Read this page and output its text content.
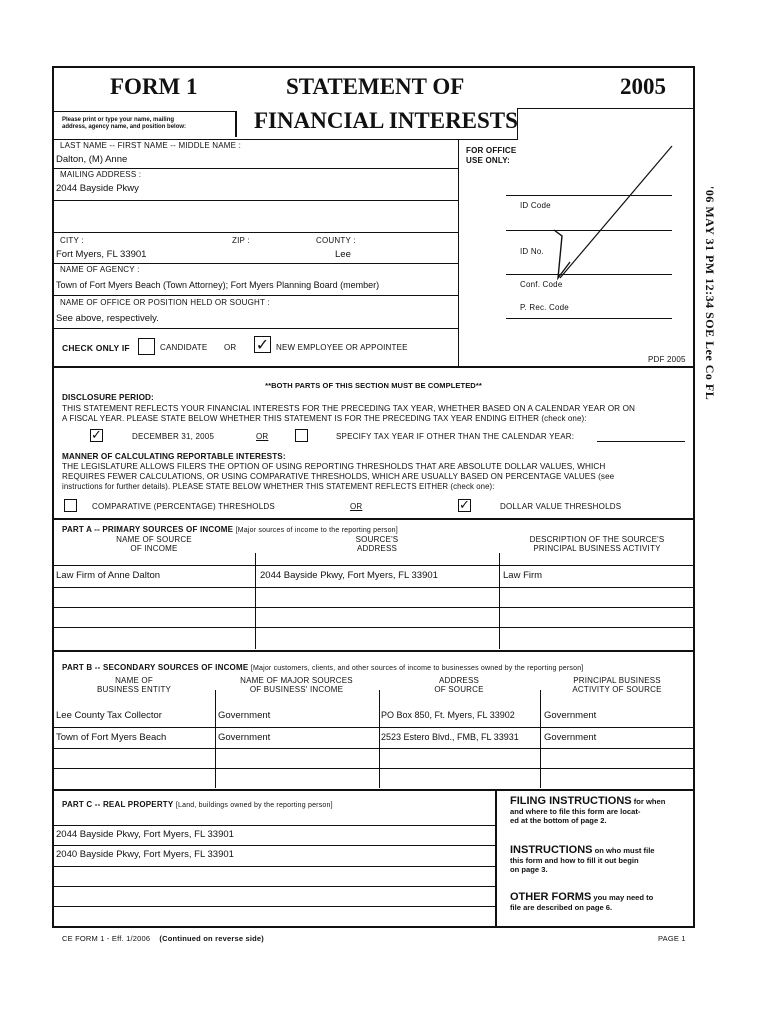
FORM 1	STATEMENT OF	2005
FINANCIAL INTERESTS
Please print or type your name, mailing
address, agency name, and position below:
LAST NAME -- FIRST NAME -- MIDDLE NAME :
Dalton, (M) Anne
MAILING ADDRESS :
2044 Bayside Pkwy
CITY :	ZIP :	COUNTY :
Fort Myers, FL 33901	Lee
NAME OF AGENCY :
Town of Fort Myers Beach (Town Attorney); Fort Myers Planning Board (member)
NAME OF OFFICE OR POSITION HELD OR SOUGHT :
See above, respectively.
CHECK ONLY IF	CANDIDATE OR ✓ NEW EMPLOYEE OR APPOINTEE
FOR OFFICE
USE ONLY:
ID Code
ID No.
Conf. Code
P. Rec. Code
PDF 2005 '06 MAY 31 PM 12:34 SOE Lee Co FL
**BOTH PARTS OF THIS SECTION MUST BE COMPLETED**
DISCLOSURE PERIOD:
THIS STATEMENT REFLECTS YOUR FINANCIAL INTERESTS FOR THE PRECEDING TAX YEAR, WHETHER BASED ON A CALENDAR YEAR OR ON
A FISCAL YEAR. PLEASE STATE BELOW WHETHER THIS STATEMENT IS FOR THE PRECEDING TAX YEAR ENDING EITHER (check one):
✓	DECEMBER 31, 2005	OR	SPECIFY TAX YEAR IF OTHER THAN THE CALENDAR YEAR:
MANNER OF CALCULATING REPORTABLE INTERESTS:
THE LEGISLATURE ALLOWS FILERS THE OPTION OF USING REPORTING THRESHOLDS THAT ARE ABSOLUTE DOLLAR VALUES, WHICH
REQUIRES FEWER CALCULATIONS, OR USING COMPARATIVE THRESHOLDS, WHICH ARE USUALLY BASED ON PERCENTAGE VALUES (see
instructions for further details). PLEASE STATE BELOW WHETHER THIS STATEMENT REFLECTS EITHER (check one):
COMPARATIVE (PERCENTAGE) THRESHOLDS	OR	✓	DOLLAR VALUE THRESHOLDS
PART A -- PRIMARY SOURCES OF INCOME [Major sources of income to the reporting person]
NAME OF SOURCE
OF INCOME
SOURCE'S
ADDRESS
DESCRIPTION OF THE SOURCE'S
PRINCIPAL BUSINESS ACTIVITY
Law Firm of Anne Dalton	2044 Bayside Pkwy, Fort Myers, FL 33901	Law Firm
PART B -- SECONDARY SOURCES OF INCOME [Major customers, clients, and other sources of income to businesses owned by the reporting person]
NAME OF
BUSINESS ENTITY
NAME OF MAJOR SOURCES
OF BUSINESS' INCOME
ADDRESS
OF SOURCE
PRINCIPAL BUSINESS
ACTIVITY OF SOURCE
Lee County Tax Collector	Government	PO Box 850, Ft. Myers, FL 33902	Government
Town of Fort Myers Beach	Government	2523 Estero Blvd., FMB, FL 33931	Government
PART C -- REAL PROPERTY [Land, buildings owned by the reporting person]
2044 Bayside Pkwy, Fort Myers, FL 33901
2040 Bayside Pkwy, Fort Myers, FL 33901
FILING INSTRUCTIONS for when
and where to file this form are locat-
ed at the bottom of page 2.
INSTRUCTIONS on who must file
this form and how to fill it out begin
on page 3.
OTHER FORMS you may need to
file are described on page 6.
CE FORM 1 - Eff. 1/2006 (Continued on reverse side)	PAGE 1
